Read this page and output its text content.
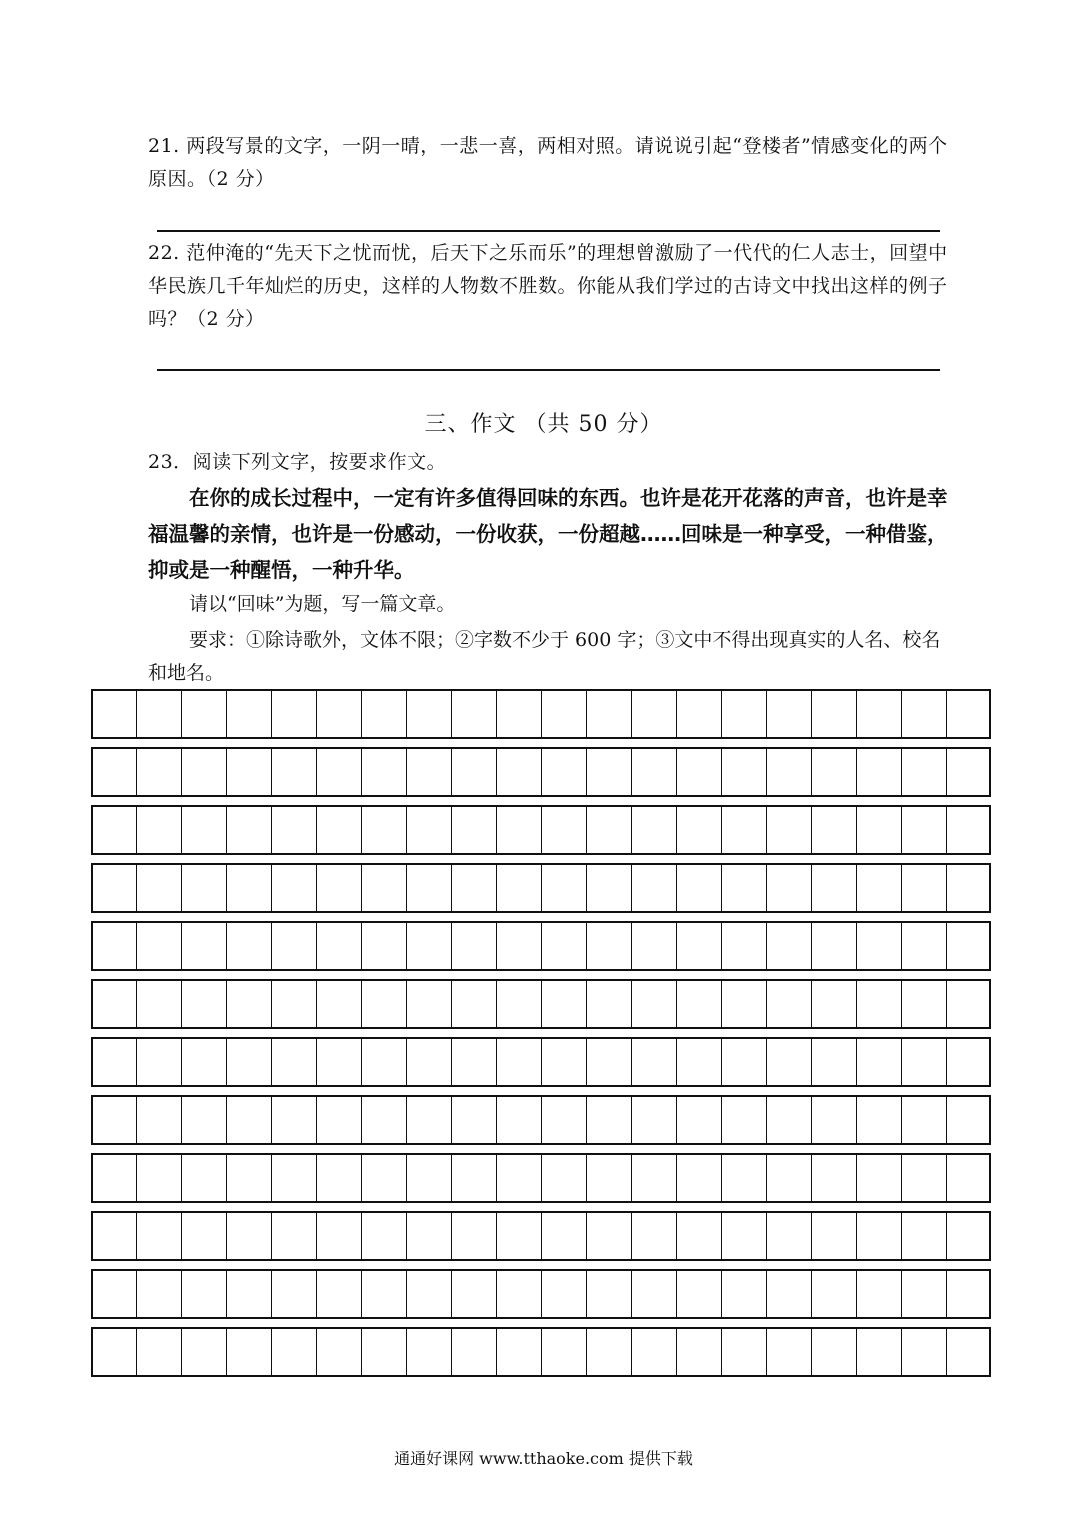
21. 两段写景的文字，一阴一晴，一悲一喜，两相对照。请说说引起“登楼者”情感变化的两个原因。（2 分）

22. 范仲淹的“先天下之忧而忧，后天下之乐而乐”的理想曾激励了一代代的仁人志士，回望中华民族几千年灿烂的历史，这样的人物数不胜数。你能从我们学过的古诗文中找出这样的例子吗？（2 分）

三、作文 （共 50 分）

23．阅读下列文字，按要求作文。

在你的成长过程中，一定有许多值得回味的东西。也许是花开花落的声音，也许是幸福温馨的亲情，也许是一份感动，一份收获，一份超越……回味是一种享受，一种借鉴，抑或是一种醒悟，一种升华。

请以“回味”为题，写一篇文章。

要求：①除诗歌外，文体不限；②字数不少于 600 字；③文中不得出现真实的人名、校名和地名。

通通好课网 www.tthaoke.com 提供下载
